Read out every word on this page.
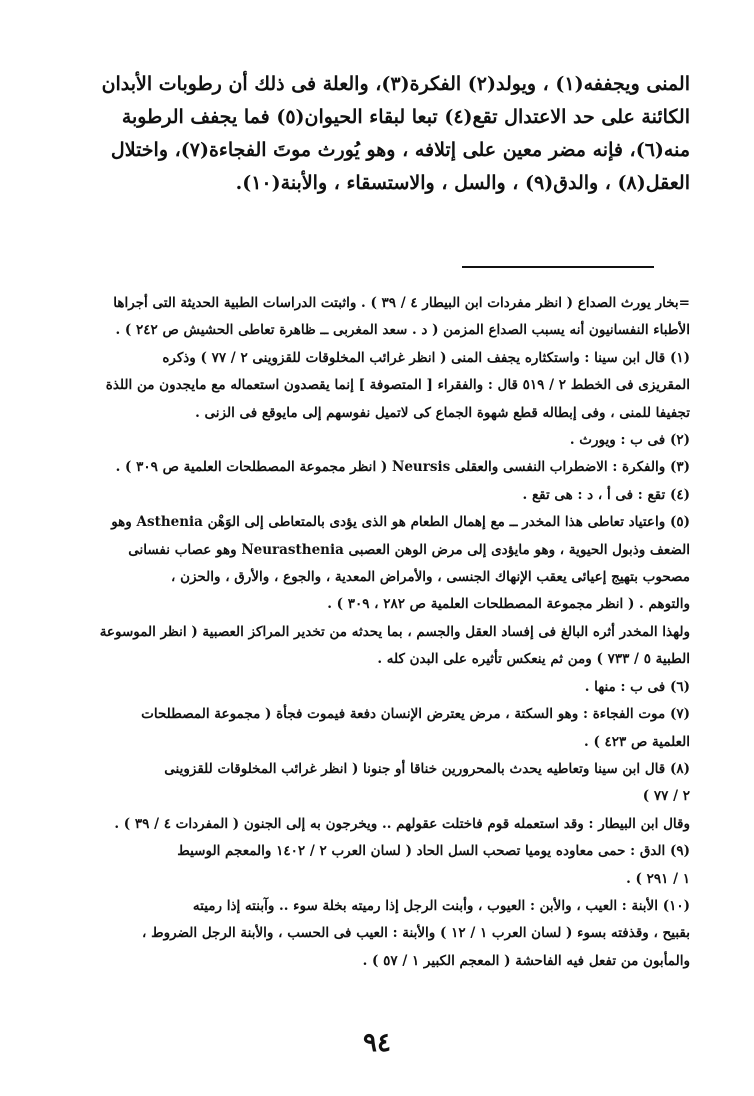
المنى ويجففه(١) ، ويولد(٢) الفكرة(٣)، والعلة فى ذلك أن رطوبات الأبدان

الكائنة على حد الاعتدال تقع(٤) تبعا لبقاء الحيوان(٥) فما يجفف الرطوبة

منه(٦)، فإنه مضر معين على إتلافه ، وهو يُورث موتَ الفجاءة(٧)، واختلال

العقل(٨) ، والدق(٩) ، والسل ، والاستسقاء ، والأبنة(١٠).

=بخار يورث الصداع ( انظر مفردات ابن البيطار ٤ / ٣٩ ) . واثبتت الدراسات الطبية الحديثة التى أجراها

الأطباء النفسانيون أنه يسبب الصداع المزمن ( د . سعد المغربى ــ ظاهرة تعاطى الحشيش ص ٢٤٢ ) .

(١) قال ابن سينا : واستكثاره يجفف المنى ( انظر غرائب المخلوقات للقزوينى ٢ / ٧٧ ) وذكره

المقريزى فى الخطط ٢ / ٥١٩ قال : والفقراء [ المتصوفة ] إنما يقصدون استعماله مع مايجدون من اللذة

تجفيفا للمنى ، وفى إبطاله قطع شهوة الجماع كى لاتميل نفوسهم إلى مايوقع فى الزنى .

(٢) فى ب : ويورث .

(٣) والفكرة : الاضطراب النفسى والعقلى Neursis ( انظر مجموعة المصطلحات العلمية ص ٣٠٩ ) .

(٤) تقع : فى أ ، د : هى تقع .

(٥) واعتياد تعاطى هذا المخدر ــ مع إهمال الطعام هو الذى يؤدى بالمتعاطى إلى الوَهْن Asthenia وهو

الضعف وذبول الحيوية ، وهو مايؤدى إلى مرض الوهن العصبى Neurasthenia وهو عصاب نفسانى

مصحوب بتهيج إعيائى يعقب الإنهاك الجنسى ، والأمراض المعدية ، والجوع ، والأرق ، والحزن ،

والتوهم . ( انظر مجموعة المصطلحات العلمية ص ٢٨٢ ، ٣٠٩ ) .

ولهذا المخدر أثره البالغ فى إفساد العقل والجسم ، بما يحدثه من تخدير المراكز العصبية ( انظر الموسوعة

الطبية ٥ / ٧٣٣ ) ومن ثم ينعكس تأثيره على البدن كله .

(٦) فى ب : منها .

(٧) موت الفجاءة : وهو السكتة ، مرض يعترض الإنسان دفعة فيموت فجأة ( مجموعة المصطلحات

العلمية ص ٤٢٣ ) .

(٨) قال ابن سينا وتعاطيه يحدث بالمحرورين خناقا أو جنونا ( انظر غرائب المخلوقات للقزوينى

٢ / ٧٧ )

وقال ابن البيطار : وقد استعمله قوم فاختلت عقولهم .. ويخرجون به إلى الجنون ( المفردات ٤ / ٣٩ ) .

(٩) الدق : حمى معاوده يوميا تصحب السل الحاد ( لسان العرب ٢ / ١٤٠٢ والمعجم الوسيط

١ / ٢٩١ ) .

(١٠) الأبنة : العيب ، والأبن : العيوب ، وأبنت الرجل إذا رميته بخلة سوء .. وآبنته إذا رميته

بقبيح ، وقذفته بسوء ( لسان العرب ١ / ١٢ ) والأبنة : العيب فى الحسب ، والأبنة الرجل الضروط ،

والمأبون من تفعل فيه الفاحشة ( المعجم الكبير ١ / ٥٧ ) .

٩٤
